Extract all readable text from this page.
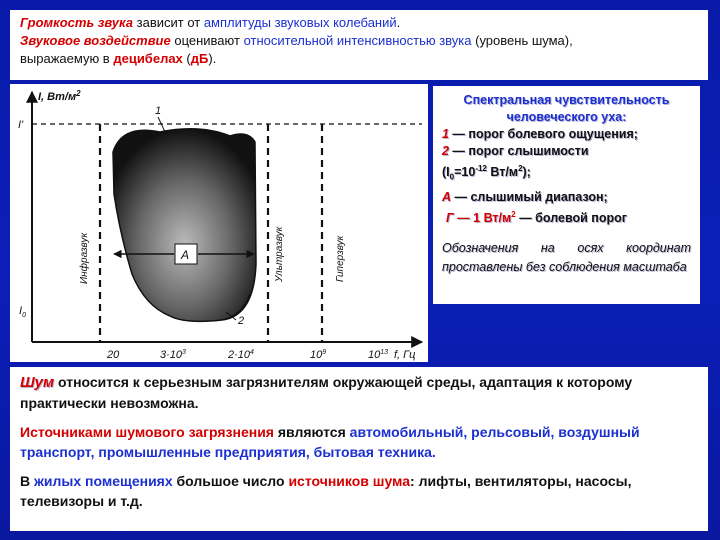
Громкость звука зависит от амплитуды звуковых колебаний.

Звуковое воздействие оценивают относительной интенсивностью звука (уровень шума),

выражаемую в децибелах (дБ).

I, $Вт/м^2$
I'
$I_0$
A
1
2
Инфразвук	Ультразвук	Гиперзвук
20	$3\cdot 10^3$	$2\cdot 10^4$	$10^9$	$10^{13}$ f, Гц

Спектральная чувствительность

человеческого уха:

1 — порог болевого ощущения;

2 — порог слышимости

($I_0=10^{-12}$ $Вт/м^2$);

А — слышимый диапазон;

Г — 1 $Вт/м^2$ — болевой порог

Обозначения на осях координат проставлены без соблюдения масштаба

Шум относится к серьезным загрязнителям окружающей среды, адаптация к которому практически невозможна.

Источниками шумового загрязнения являются автомобильный, рельсовый, воздушный транспорт, промышленные предприятия, бытовая техника.

В жилых помещениях большое число источников шума: лифты, вентиляторы, насосы, телевизоры и т.д.
